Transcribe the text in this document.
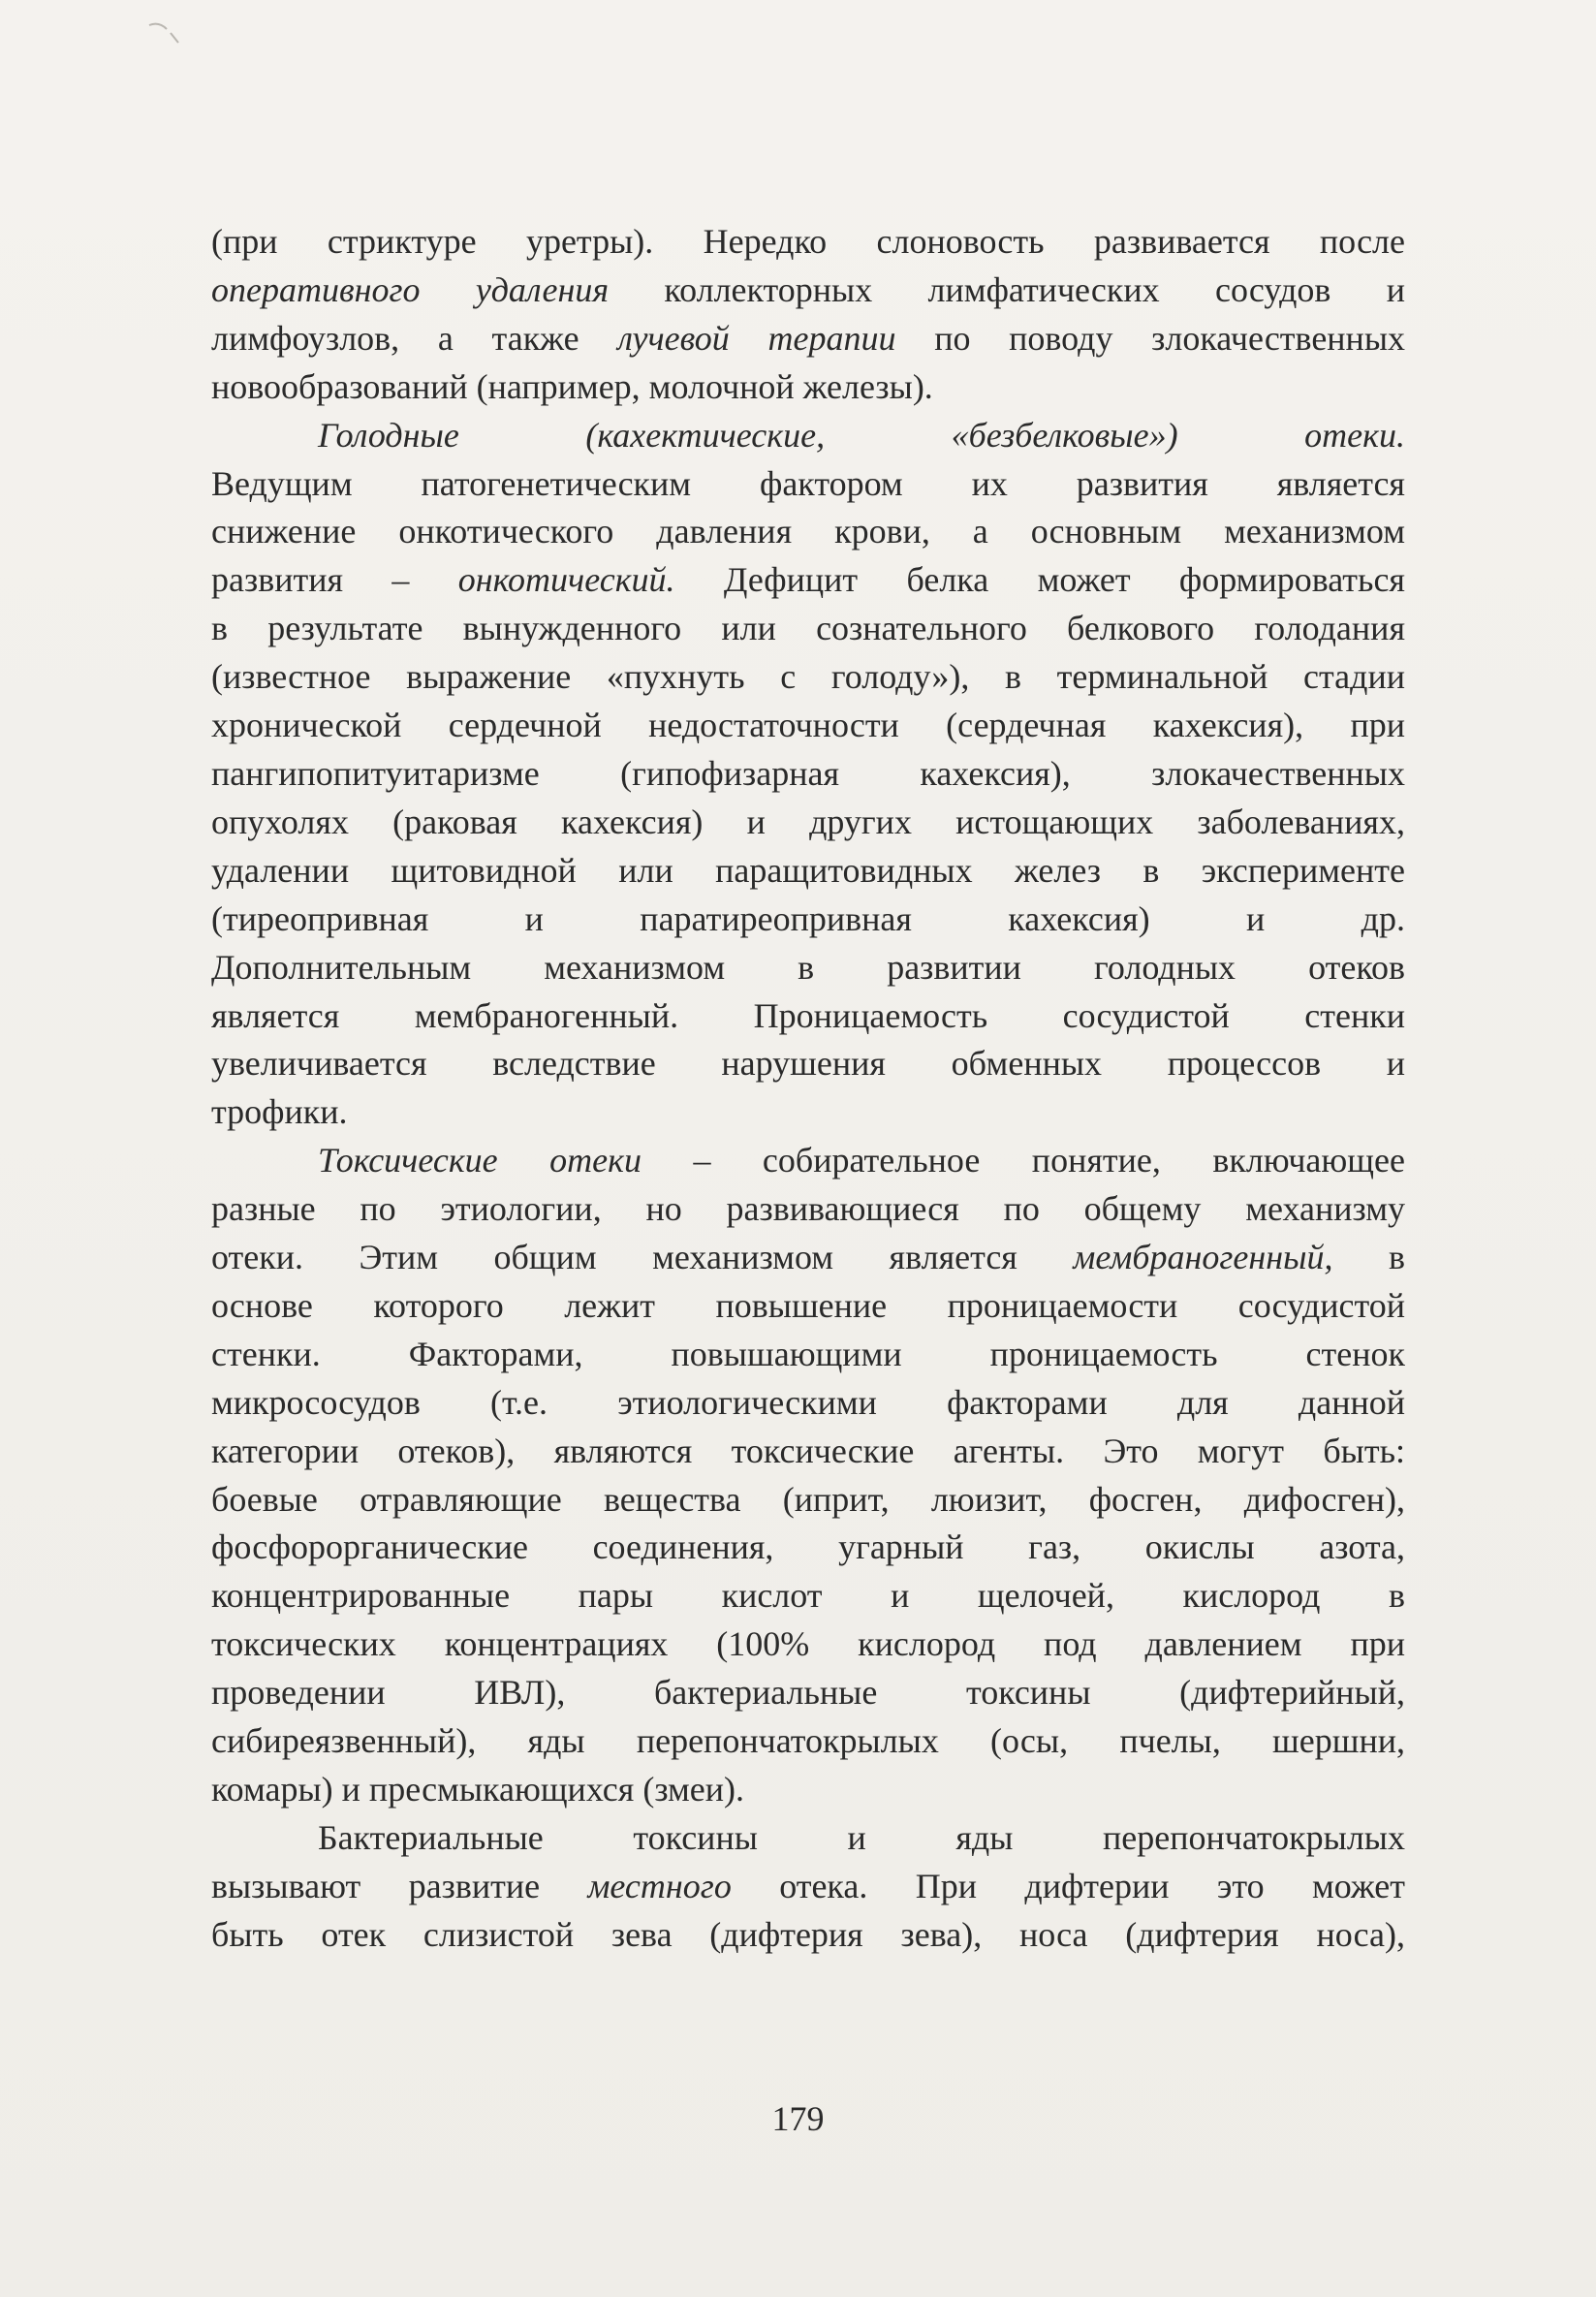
(при стриктуре уретры). Нередко слоновость развивается после
оперативного удаления коллекторных лимфатических сосудов и
лимфоузлов, а также лучевой терапии по поводу злокачественных
новообразований (например, молочной железы).
Голодные (кахектические, «безбелковые») отеки.
Ведущим патогенетическим фактором их развития является
снижение онкотического давления крови, а основным механизмом
развития – онкотический. Дефицит белка может формироваться
в результате вынужденного или сознательного белкового голодания
(известное выражение «пухнуть с голоду»), в терминальной стадии
хронической сердечной недостаточности (сердечная кахексия), при
пангипопитуитаризме (гипофизарная кахексия), злокачественных
опухолях (раковая кахексия) и других истощающих заболеваниях,
удалении щитовидной или паращитовидных желез в эксперименте
(тиреопривная и паратиреопривная кахексия) и др.
Дополнительным механизмом в развитии голодных отеков
является мембраногенный. Проницаемость сосудистой стенки
увеличивается вследствие нарушения обменных процессов и
трофики.
Токсические отеки – собирательное понятие, включающее
разные по этиологии, но развивающиеся по общему механизму
отеки. Этим общим механизмом является мембраногенный, в
основе которого лежит повышение проницаемости сосудистой
стенки. Факторами, повышающими проницаемость стенок
микрососудов (т.е. этиологическими факторами для данной
категории отеков), являются токсические агенты. Это могут быть:
боевые отравляющие вещества (иприт, люизит, фосген, дифосген),
фосфорорганические соединения, угарный газ, окислы азота,
концентрированные пары кислот и щелочей, кислород в
токсических концентрациях (100% кислород под давлением при
проведении ИВЛ), бактериальные токсины (дифтерийный,
сибиреязвенный), яды перепончатокрылых (осы, пчелы, шершни,
комары) и пресмыкающихся (змеи).
Бактериальные токсины и яды перепончатокрылых
вызывают развитие местного отека. При дифтерии это может
быть отек слизистой зева (дифтерия зева), носа (дифтерия носа),
179
